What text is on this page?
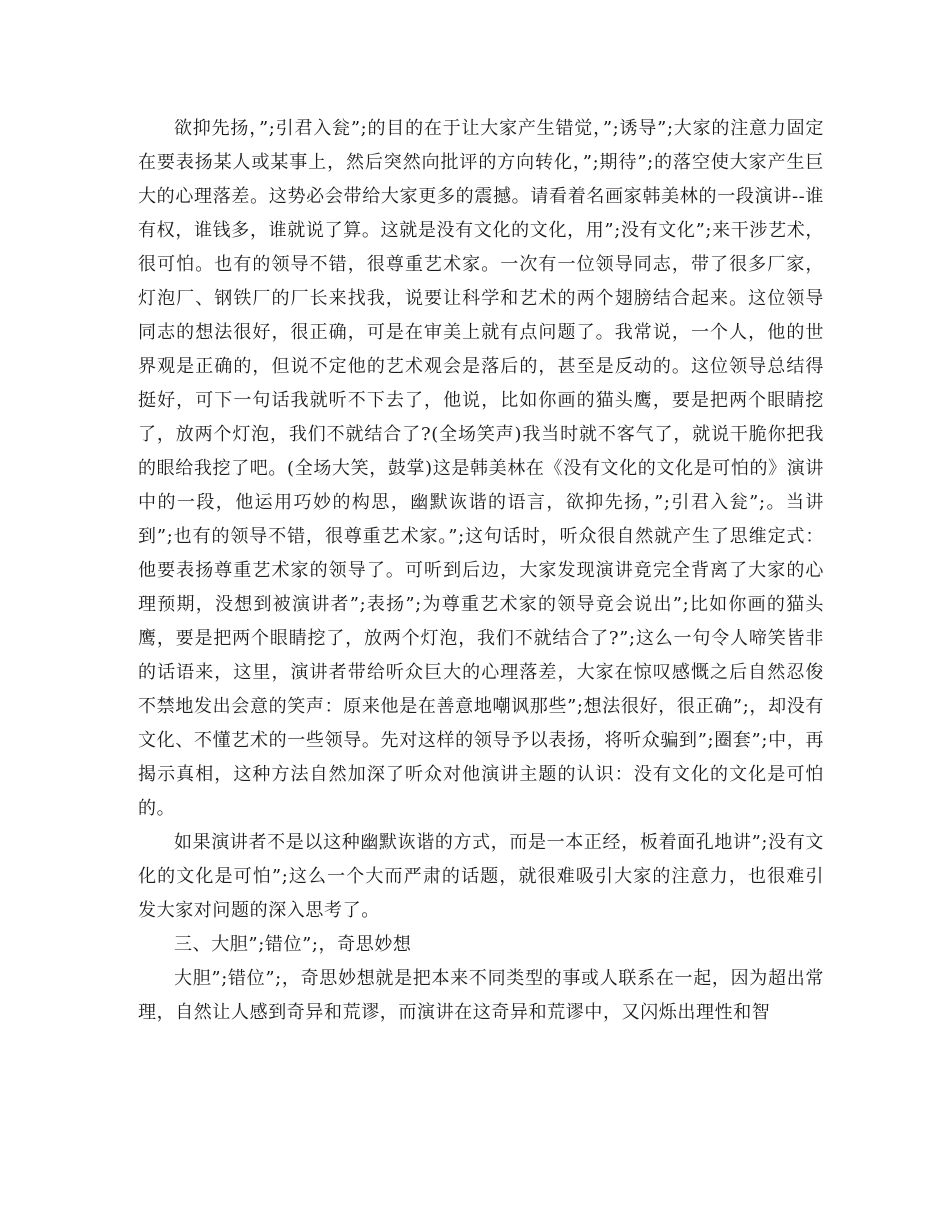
欲抑先扬，”;引君入瓮”;的目的在于让大家产生错觉，”;诱导”;大家的注意力固定在要表扬某人或某事上，然后突然向批评的方向转化，”;期待”;的落空使大家产生巨大的心理落差。这势必会带给大家更多的震撼。请看着名画家韩美林的一段演讲--谁有权，谁钱多，谁就说了算。这就是没有文化的文化，用”;没有文化”;来干涉艺术，很可怕。也有的领导不错，很尊重艺术家。一次有一位领导同志，带了很多厂家，灯泡厂、钢铁厂的厂长来找我，说要让科学和艺术的两个翅膀结合起来。这位领导同志的想法很好，很正确，可是在审美上就有点问题了。我常说，一个人，他的世界观是正确的，但说不定他的艺术观会是落后的，甚至是反动的。这位领导总结得挺好，可下一句话我就听不下去了，他说，比如你画的猫头鹰，要是把两个眼睛挖了，放两个灯泡，我们不就结合了?(全场笑声)我当时就不客气了，就说干脆你把我的眼给我挖了吧。(全场大笑，鼓掌)这是韩美林在《没有文化的文化是可怕的》演讲中的一段，他运用巧妙的构思，幽默诙谐的语言，欲抑先扬，”;引君入瓮”;。当讲到”;也有的领导不错，很尊重艺术家。”;这句话时，听众很自然就产生了思维定式：他要表扬尊重艺术家的领导了。可听到后边，大家发现演讲竟完全背离了大家的心理预期，没想到被演讲者”;表扬”;为尊重艺术家的领导竟会说出”;比如你画的猫头鹰，要是把两个眼睛挖了，放两个灯泡，我们不就结合了?”;这么一句令人啼笑皆非的话语来，这里，演讲者带给听众巨大的心理落差，大家在惊叹感慨之后自然忍俊不禁地发出会意的笑声：原来他是在善意地嘲讽那些”;想法很好，很正确”;，却没有文化、不懂艺术的一些领导。先对这样的领导予以表扬，将听众骗到”;圈套”;中，再揭示真相，这种方法自然加深了听众对他演讲主题的认识：没有文化的文化是可怕的。

如果演讲者不是以这种幽默诙谐的方式，而是一本正经，板着面孔地讲”;没有文化的文化是可怕”;这么一个大而严肃的话题，就很难吸引大家的注意力，也很难引发大家对问题的深入思考了。

三、大胆”;错位”;，奇思妙想

大胆”;错位”;，奇思妙想就是把本来不同类型的事或人联系在一起，因为超出常理，自然让人感到奇异和荒谬，而演讲在这奇异和荒谬中，又闪烁出理性和智
